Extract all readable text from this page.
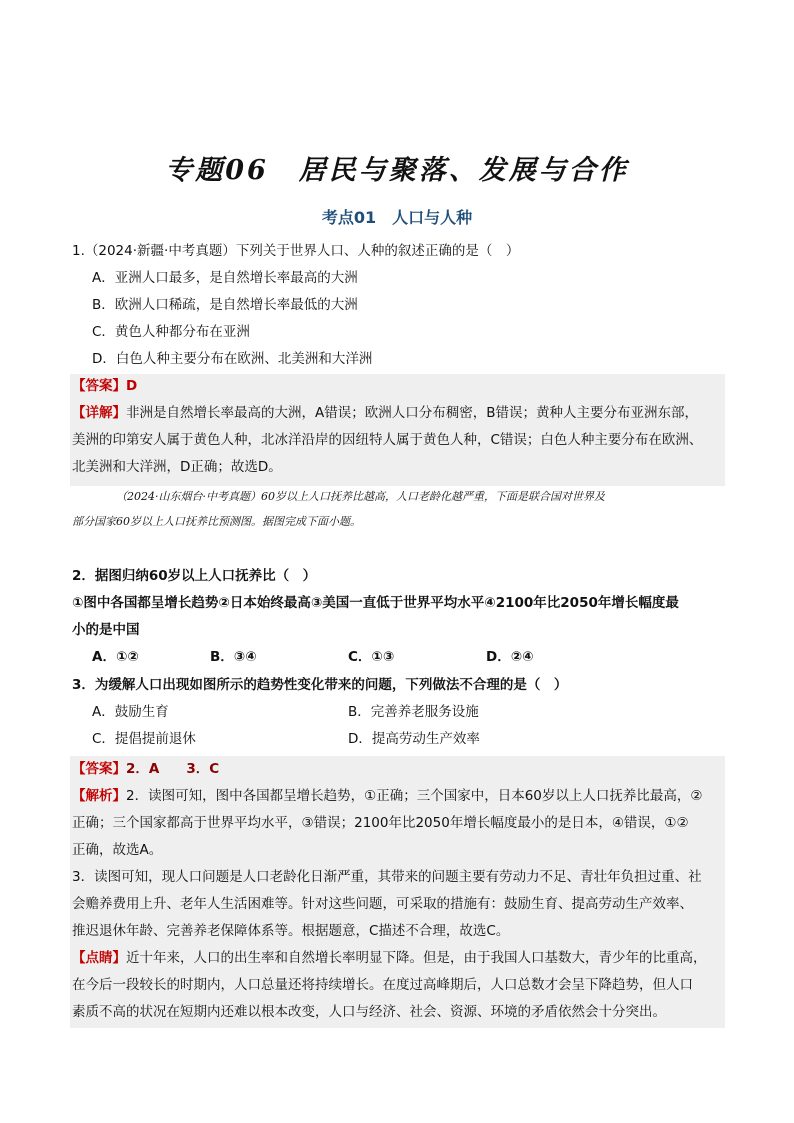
专题06　居民与聚落、发展与合作
考点01　人口与人种
1.（2024·新疆·中考真题）下列关于世界人口、人种的叙述正确的是（　）
A．亚洲人口最多，是自然增长率最高的大洲
B．欧洲人口稀疏，是自然增长率最低的大洲
C．黄色人种都分布在亚洲
D．白色人种主要分布在欧洲、北美洲和大洋洲
【答案】D
【详解】非洲是自然增长率最高的大洲，A错误；欧洲人口分布稠密，B错误；黄种人主要分布亚洲东部，
美洲的印第安人属于黄色人种，北冰洋沿岸的因纽特人属于黄色人种，C错误；白色人种主要分布在欧洲、
北美洲和大洋洲，D正确；故选D。
（2024·山东烟台·中考真题）60岁以上人口抚养比越高，人口老龄化越严重，下面是联合国对世界及
部分国家60岁以上人口抚养比预测图。据图完成下面小题。
2．据图归纳60岁以上人口抚养比（　）
①图中各国都呈增长趋势②日本始终最高③美国一直低于世界平均水平④2100年比2050年增长幅度最
小的是中国
A．①②	B．③④	C．①③	D．②④
3．为缓解人口出现如图所示的趋势性变化带来的问题，下列做法不合理的是（　）
A．鼓励生育	B．完善养老服务设施
C．提倡提前退休	D．提高劳动生产效率
【答案】2．A　　3．C
【解析】2．读图可知，图中各国都呈增长趋势，①正确；三个国家中，日本60岁以上人口抚养比最高，②
正确；三个国家都高于世界平均水平，③错误；2100年比2050年增长幅度最小的是日本，④错误，①②
正确，故选A。
3．读图可知，现人口问题是人口老龄化日渐严重，其带来的问题主要有劳动力不足、青壮年负担过重、社
会赡养费用上升、老年人生活困难等。针对这些问题，可采取的措施有：鼓励生育、提高劳动生产效率、
推迟退休年龄、完善养老保障体系等。根据题意，C描述不合理，故选C。
【点睛】近十年来，人口的出生率和自然增长率明显下降。但是，由于我国人口基数大，青少年的比重高，
在今后一段较长的时期内，人口总量还将持续增长。在度过高峰期后，人口总数才会呈下降趋势，但人口
素质不高的状况在短期内还难以根本改变，人口与经济、社会、资源、环境的矛盾依然会十分突出。
